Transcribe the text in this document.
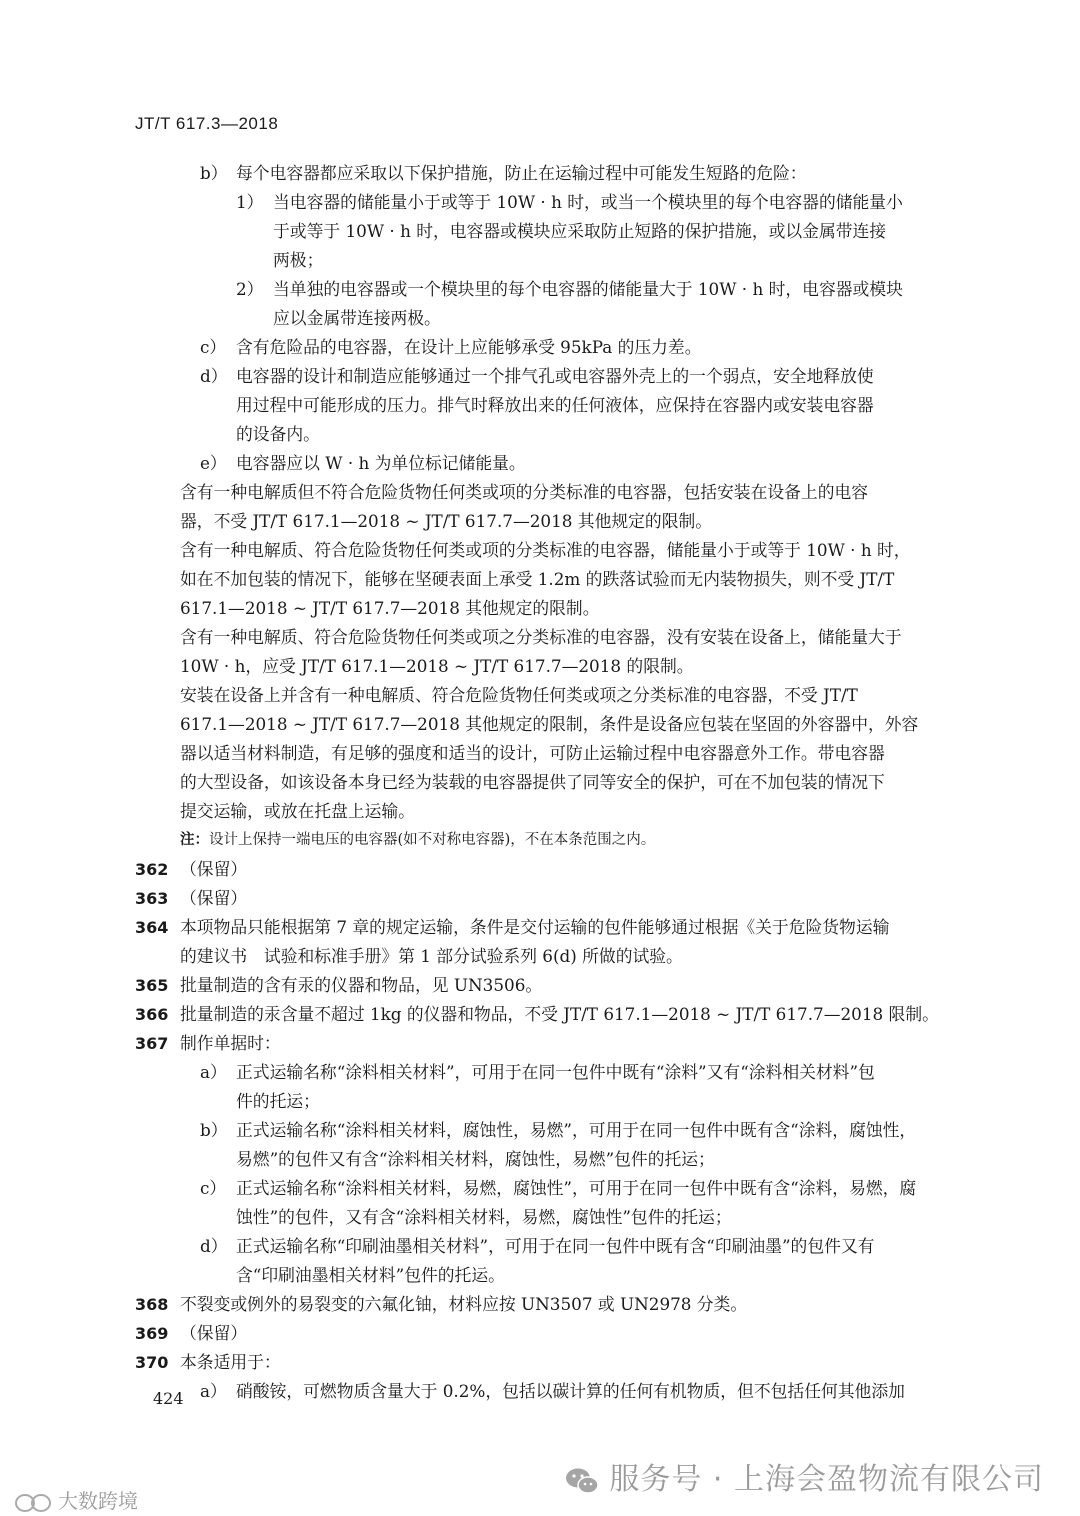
JT/T 617.3—2018
每个电容器都应采取以下保护措施，防止在运输过程中可能发生短路的危险：
b）
当电容器的储能量小于或等于 10W · h 时，或当一个模块里的每个电容器的储能量小
1）
于或等于 10W · h 时，电容器或模块应采取防止短路的保护措施，或以金属带连接
两极；
当单独的电容器或一个模块里的每个电容器的储能量大于 10W · h 时，电容器或模块
2）
应以金属带连接两极。
含有危险品的电容器，在设计上应能够承受 95kPa 的压力差。
c）
电容器的设计和制造应能够通过一个排气孔或电容器外壳上的一个弱点，安全地释放使
d）
用过程中可能形成的压力。排气时释放出来的任何液体，应保持在容器内或安装电容器
的设备内。
电容器应以 W · h 为单位标记储能量。
e）
含有一种电解质但不符合危险货物任何类或项的分类标准的电容器，包括安装在设备上的电容
器，不受 JT/T 617.1—2018 ~ JT/T 617.7—2018 其他规定的限制。
含有一种电解质、符合危险货物任何类或项的分类标准的电容器，储能量小于或等于 10W · h 时，
如在不加包装的情况下，能够在坚硬表面上承受 1.2m 的跌落试验而无内装物损失，则不受 JT/T
617.1—2018 ~ JT/T 617.7—2018 其他规定的限制。
含有一种电解质、符合危险货物任何类或项之分类标准的电容器，没有安装在设备上，储能量大于
10W · h，应受 JT/T 617.1—2018 ~ JT/T 617.7—2018 的限制。
安装在设备上并含有一种电解质、符合危险货物任何类或项之分类标准的电容器，不受 JT/T
617.1—2018 ~ JT/T 617.7—2018 其他规定的限制，条件是设备应包装在坚固的外容器中，外容
器以适当材料制造，有足够的强度和适当的设计，可防止运输过程中电容器意外工作。带电容器
的大型设备，如该设备本身已经为装载的电容器提供了同等安全的保护，可在不加包装的情况下
提交运输，或放在托盘上运输。
（保留）
362
（保留）
363
本项物品只能根据第 7 章的规定运输，条件是交付运输的包件能够通过根据《关于危险货物运输
364
的建议书　试验和标准手册》第 1 部分试验系列 6(d) 所做的试验。
批量制造的含有汞的仪器和物品，见 UN3506。
365
批量制造的汞含量不超过 1kg 的仪器和物品，不受 JT/T 617.1—2018 ~ JT/T 617.7—2018 限制。
366
制作单据时：
367
正式运输名称“涂料相关材料”，可用于在同一包件中既有“涂料”又有“涂料相关材料”包
a）
件的托运；
正式运输名称“涂料相关材料，腐蚀性，易燃”，可用于在同一包件中既有含“涂料，腐蚀性，
b）
易燃”的包件又有含“涂料相关材料，腐蚀性，易燃”包件的托运；
正式运输名称“涂料相关材料，易燃，腐蚀性”，可用于在同一包件中既有含“涂料，易燃，腐
c）
蚀性”的包件，又有含“涂料相关材料，易燃，腐蚀性”包件的托运；
正式运输名称“印刷油墨相关材料”，可用于在同一包件中既有含“印刷油墨”的包件又有
d）
含“印刷油墨相关材料”包件的托运。
不裂变或例外的易裂变的六氟化铀，材料应按 UN3507 或 UN2978 分类。
368
（保留）
369
本条适用于：
370
硝酸铵，可燃物质含量大于 0.2%，包括以碳计算的任何有机物质，但不包括任何其他添加
a）
注：设计上保持一端电压的电容器(如不对称电容器)，不在本条范围之内。
424
服务号 · 上海会盈物流有限公司
大数跨境
